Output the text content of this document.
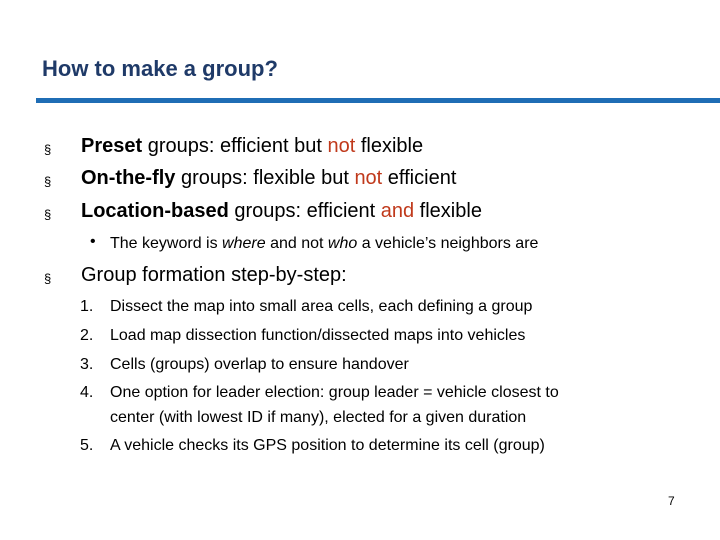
How to make a group?
§ Preset groups: efficient but not flexible
§ On-the-fly groups: flexible but not efficient
§ Location-based groups: efficient and flexible
• The keyword is where and not who a vehicle’s neighbors are
§ Group formation step-by-step:
1. Dissect the map into small area cells, each defining a group
2. Load map dissection function/dissected maps into vehicles
3. Cells (groups) overlap to ensure handover
4. One option for leader election: group leader = vehicle closest to
center (with lowest ID if many), elected for a given duration
5. A vehicle checks its GPS position to determine its cell (group)
7
